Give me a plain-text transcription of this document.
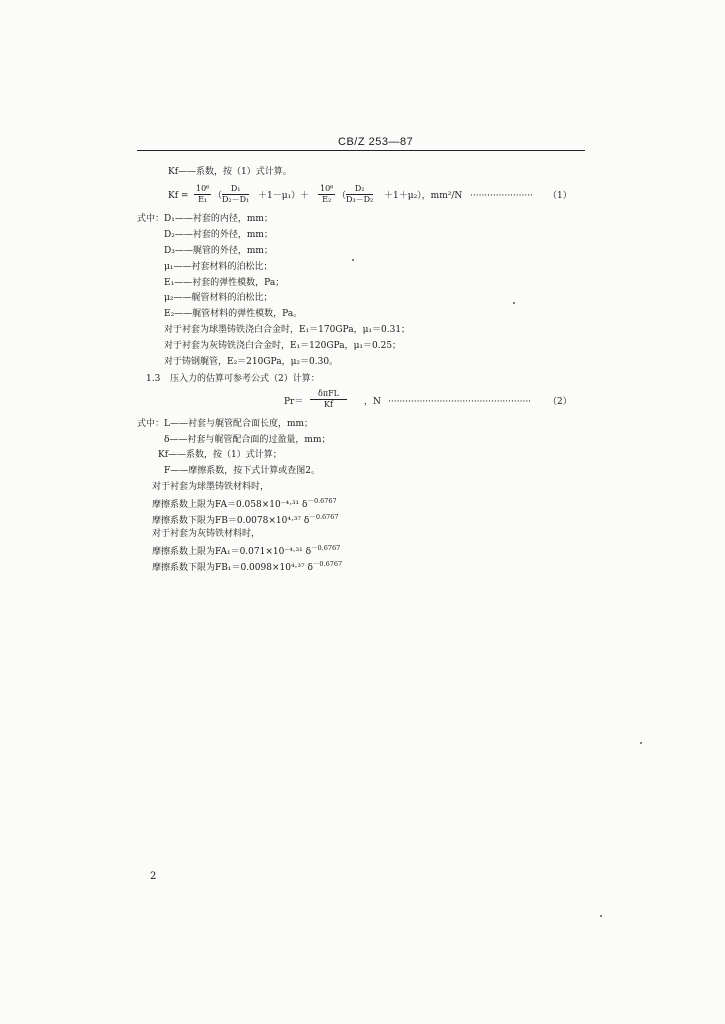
CB/Z 253—87
Kf——系数，按（1）式计算。
$Kf = \frac{\text{10⁶}}{\text{E₁}}$ （ $\frac{\text{D₁}}{\text{D₂－D₁}} +1-\mu_1)+ \frac{\text{10⁶}}{\text{E₂}}$ （ $\frac{\text{D₂}}{\text{D₃－D₂}} +1+\mu_2$），mm²/N ······················ （1）
式中： D₁——衬套的内径，mm；
D₂——衬套的外径，mm；
D₃——艉管的外径，mm；
μ₁——衬套材料的泊松比；
E₁——衬套的弹性模数，Pa；
μ₂——艉管材料的泊松比；
E₂——艉管材料的弹性模数，Pa。
对于衬套为球墨铸铁浇白合金时，E₁＝170GPa，μ₁＝0.31；
对于衬套为灰铸铁浇白合金时，E₁＝120GPa，μ₁＝0.25；
对于铸钢艉管，E₂＝210GPa，μ₂＝0.30。
1.3 压入力的估算可参考公式（2）计算：
Pr＝
δπFL
Kf	，N ·················································· （2）
式中： L——衬套与艉管配合面长度，mm；
δ——衬套与艉管配合面的过盈量，mm；
Kf——系数，按（1）式计算；
F——摩擦系数，按下式计算或查图2。
对于衬套为球墨铸铁材料时，
摩擦系数上限为FA＝0.058×10⁻⁴·³¹ $\delta^{-0.6767}$
摩擦系数下限为FB＝0.0078×10⁴·³⁷ $\delta^{-0.6767}$
对于衬套为灰铸铁材料时，
摩擦系数上限为FA₁＝0.071×10⁻⁴·³¹ $\delta^{-0.6767}$
摩擦系数下限为FB₁＝0.0098×10⁴·³⁷ $\delta^{-0.6767}$
2
